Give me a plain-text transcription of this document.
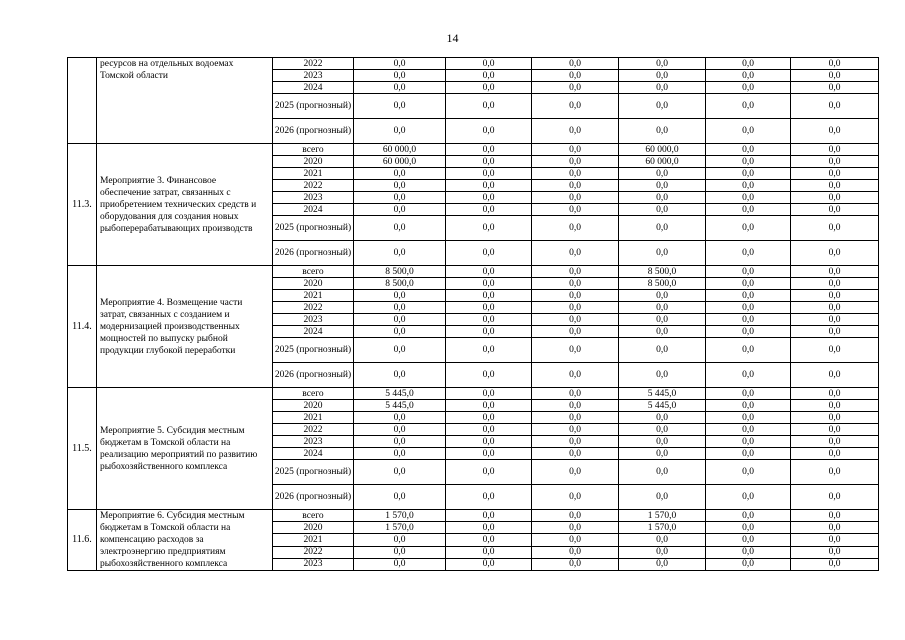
14
	ресурсов на отдельных водоемах Томской области	2022	0,0	0,0	0,0	0,0	0,0	0,0
		2023	0,0	0,0	0,0	0,0	0,0	0,0
		2024	0,0	0,0	0,0	0,0	0,0	0,0
		2025 (прогнозный)	0,0	0,0	0,0	0,0	0,0	0,0
		2026 (прогнозный)	0,0	0,0	0,0	0,0	0,0	0,0
11.3.	Мероприятие 3. Финансовое обеспечение затрат, связанных с приобретением технических средств и оборудования для создания новых рыбоперерабатывающих производств	всего	60 000,0	0,0	0,0	60 000,0	0,0	0,0
		2020	60 000,0	0,0	0,0	60 000,0	0,0	0,0
		2021	0,0	0,0	0,0	0,0	0,0	0,0
		2022	0,0	0,0	0,0	0,0	0,0	0,0
		2023	0,0	0,0	0,0	0,0	0,0	0,0
		2024	0,0	0,0	0,0	0,0	0,0	0,0
		2025 (прогнозный)	0,0	0,0	0,0	0,0	0,0	0,0
		2026 (прогнозный)	0,0	0,0	0,0	0,0	0,0	0,0
11.4.	Мероприятие 4. Возмещение части затрат, связанных с созданием и модернизацией производственных мощностей по выпуску рыбной продукции глубокой переработки	всего	8 500,0	0,0	0,0	8 500,0	0,0	0,0
		2020	8 500,0	0,0	0,0	8 500,0	0,0	0,0
		2021	0,0	0,0	0,0	0,0	0,0	0,0
		2022	0,0	0,0	0,0	0,0	0,0	0,0
		2023	0,0	0,0	0,0	0,0	0,0	0,0
		2024	0,0	0,0	0,0	0,0	0,0	0,0
		2025 (прогнозный)	0,0	0,0	0,0	0,0	0,0	0,0
		2026 (прогнозный)	0,0	0,0	0,0	0,0	0,0	0,0
11.5.	Мероприятие 5. Субсидия местным бюджетам в Томской области на реализацию мероприятий по развитию рыбохозяйственного комплекса	всего	5 445,0	0,0	0,0	5 445,0	0,0	0,0
		2020	5 445,0	0,0	0,0	5 445,0	0,0	0,0
		2021	0,0	0,0	0,0	0,0	0,0	0,0
		2022	0,0	0,0	0,0	0,0	0,0	0,0
		2023	0,0	0,0	0,0	0,0	0,0	0,0
		2024	0,0	0,0	0,0	0,0	0,0	0,0
		2025 (прогнозный)	0,0	0,0	0,0	0,0	0,0	0,0
		2026 (прогнозный)	0,0	0,0	0,0	0,0	0,0	0,0
11.6.	Мероприятие 6. Субсидия местным бюджетам в Томской области на компенсацию расходов за электроэнергию предприятиям рыбохозяйственного комплекса	всего	1 570,0	0,0	0,0	1 570,0	0,0	0,0
		2020	1 570,0	0,0	0,0	1 570,0	0,0	0,0
		2021	0,0	0,0	0,0	0,0	0,0	0,0
		2022	0,0	0,0	0,0	0,0	0,0	0,0
		2023	0,0	0,0	0,0	0,0	0,0	0,0
